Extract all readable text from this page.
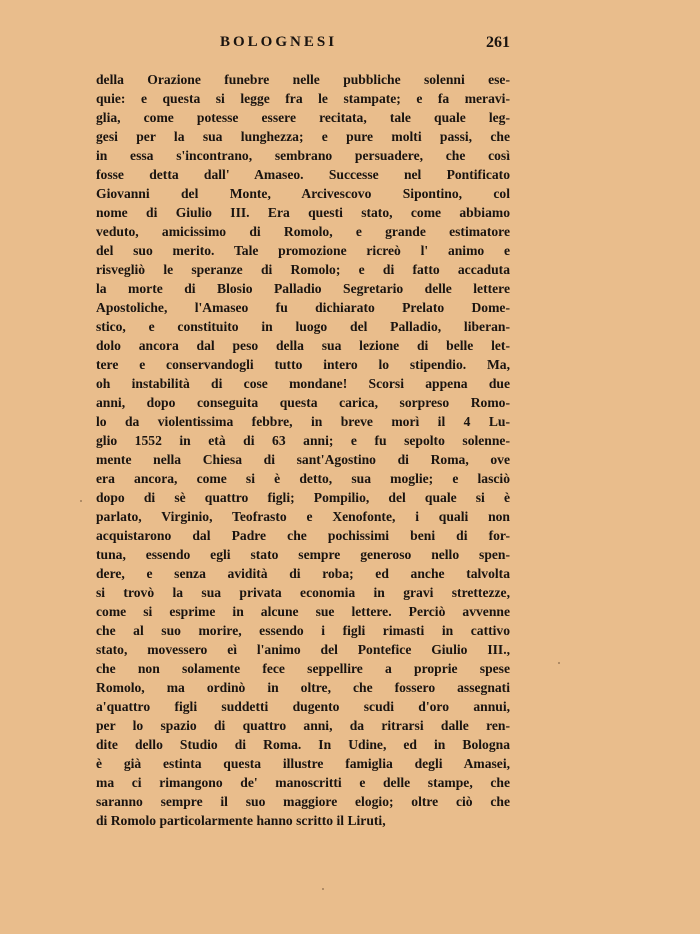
BOLOGNESI	261
della Orazione funebre nelle pubbliche solenni ese-
quie: e questa si legge fra le stampate; e fa meravi-
glia, come potesse essere recitata, tale quale leg-
gesi per la sua lunghezza; e pure molti passi, che
in essa s'incontrano, sembrano persuadere, che così
fosse detta dall' Amaseo. Successe nel Pontificato
Giovanni del Monte, Arcivescovo Sipontino, col
nome di Giulio III. Era questi stato, come abbiamo
veduto, amicissimo di Romolo, e grande estimatore
del suo merito. Tale promozione ricreò l' animo e
risvegliò le speranze di Romolo; e di fatto accaduta
la morte di Blosio Palladio Segretario delle lettere
Apostoliche, l'Amaseo fu dichiarato Prelato Dome-
stico, e constituito in luogo del Palladio, liberan-
dolo ancora dal peso della sua lezione di belle let-
tere e conservandogli tutto intero lo stipendio. Ma,
oh instabilità di cose mondane! Scorsi appena due
anni, dopo conseguita questa carica, sorpreso Romo-
lo da violentissima febbre, in breve morì il 4 Lu-
glio 1552 in età di 63 anni; e fu sepolto solenne-
mente nella Chiesa di sant'Agostino di Roma, ove
era ancora, come si è detto, sua moglie; e lasciò
dopo di sè quattro figli; Pompilio, del quale si è
parlato, Virginio, Teofrasto e Xenofonte, i quali non
acquistarono dal Padre che pochissimi beni di for-
tuna, essendo egli stato sempre generoso nello spen-
dere, e senza avidità di roba; ed anche talvolta
si trovò la sua privata economia in gravi strettezze,
come si esprime in alcune sue lettere. Perciò avvenne
che al suo morire, essendo i figli rimasti in cattivo
stato, movessero eì l'animo del Pontefice Giulio III.,
che non solamente fece seppellire a proprie spese
Romolo, ma ordinò in oltre, che fossero assegnati
a'quattro figli suddetti dugento scudi d'oro annui,
per lo spazio di quattro anni, da ritrarsi dalle ren-
dite dello Studio di Roma. In Udine, ed in Bologna
è già estinta questa illustre famiglia degli Amasei,
ma ci rimangono de' manoscritti e delle stampe, che
saranno sempre il suo maggiore elogio; oltre ciò che
di Romolo particolarmente hanno scritto il Liruti,
